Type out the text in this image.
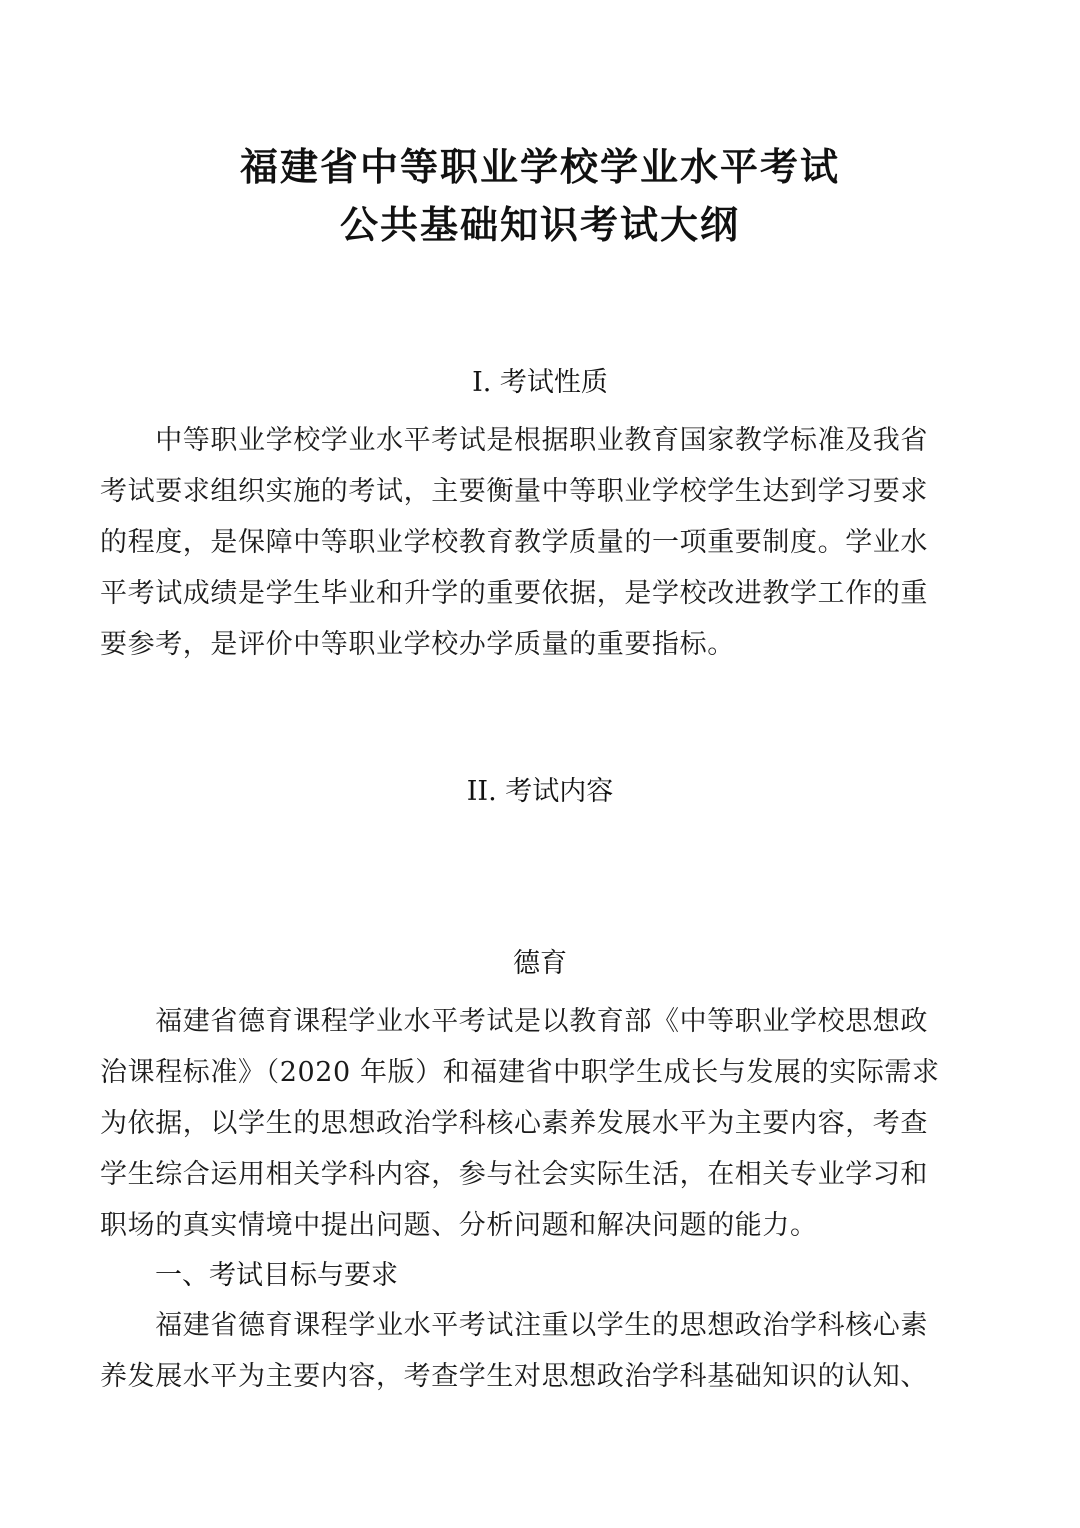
福建省中等职业学校学业水平考试
公共基础知识考试大纲
I. 考试性质
　　中等职业学校学业水平考试是根据职业教育国家教学标准及我省
考试要求组织实施的考试，主要衡量中等职业学校学生达到学习要求
的程度，是保障中等职业学校教育教学质量的一项重要制度。学业水
平考试成绩是学生毕业和升学的重要依据，是学校改进教学工作的重
要参考，是评价中等职业学校办学质量的重要指标。
II. 考试内容
德育
　　福建省德育课程学业水平考试是以教育部《中等职业学校思想政
治课程标准》（2020 年版）和福建省中职学生成长与发展的实际需求
为依据，以学生的思想政治学科核心素养发展水平为主要内容，考查
学生综合运用相关学科内容，参与社会实际生活，在相关专业学习和
职场的真实情境中提出问题、分析问题和解决问题的能力。
一、考试目标与要求
　　福建省德育课程学业水平考试注重以学生的思想政治学科核心素
养发展水平为主要内容，考查学生对思想政治学科基础知识的认知、
